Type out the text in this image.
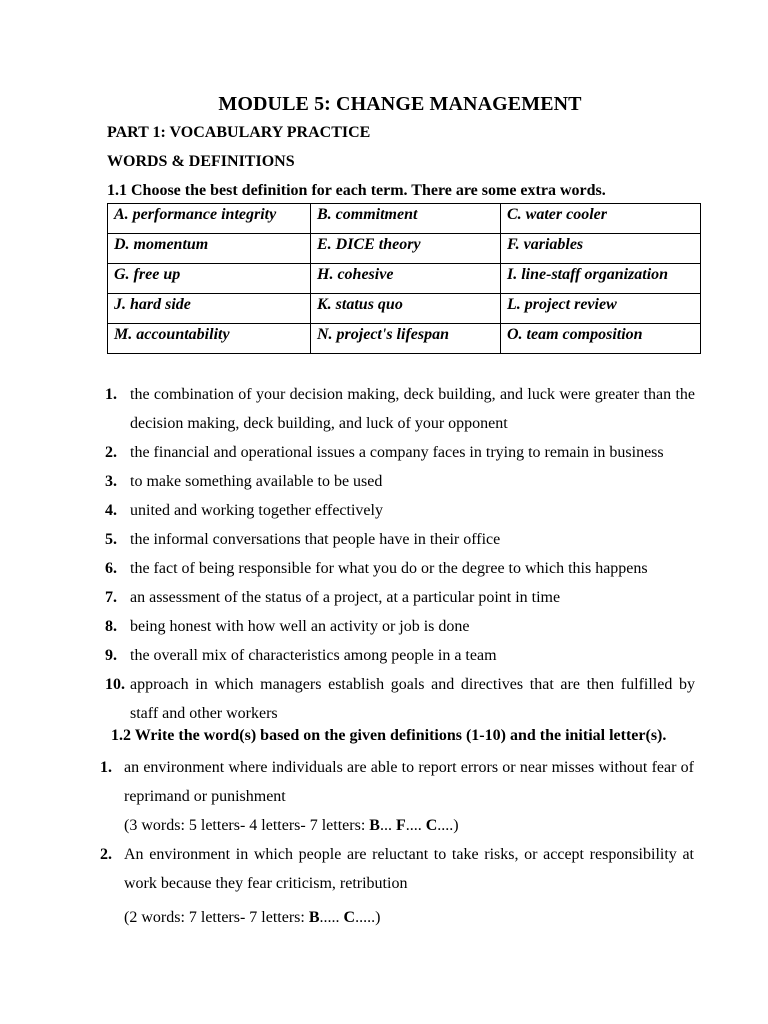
MODULE 5: CHANGE MANAGEMENT
PART 1: VOCABULARY PRACTICE
WORDS & DEFINITIONS
1.1 Choose the best definition for each term. There are some extra words.
A. performance integrity	B. commitment	C. water cooler
D. momentum	E. DICE theory	F. variables
G. free up	H. cohesive	I. line-staff organization
J. hard side	K. status quo	L. project review
M. accountability	N. project's lifespan	O. team composition
1. the combination of your decision making, deck building, and luck were greater than the decision making, deck building, and luck of your opponent
2. the financial and operational issues a company faces in trying to remain in business
3. to make something available to be used
4. united and working together effectively
5. the informal conversations that people have in their office
6. the fact of being responsible for what you do or the degree to which this happens
7. an assessment of the status of a project, at a particular point in time
8. being honest with how well an activity or job is done
9. the overall mix of characteristics among people in a team
10. approach in which managers establish goals and directives that are then fulfilled by staff and other workers
1.2 Write the word(s) based on the given definitions (1-10) and the initial letter(s).
1. an environment where individuals are able to report errors or near misses without fear of reprimand or punishment
(3 words: 5 letters- 4 letters- 7 letters: B... F.... C....)
2. An environment in which people are reluctant to take risks, or accept responsibility at work because they fear criticism, retribution
(2 words: 7 letters- 7 letters: B..... C.....)
